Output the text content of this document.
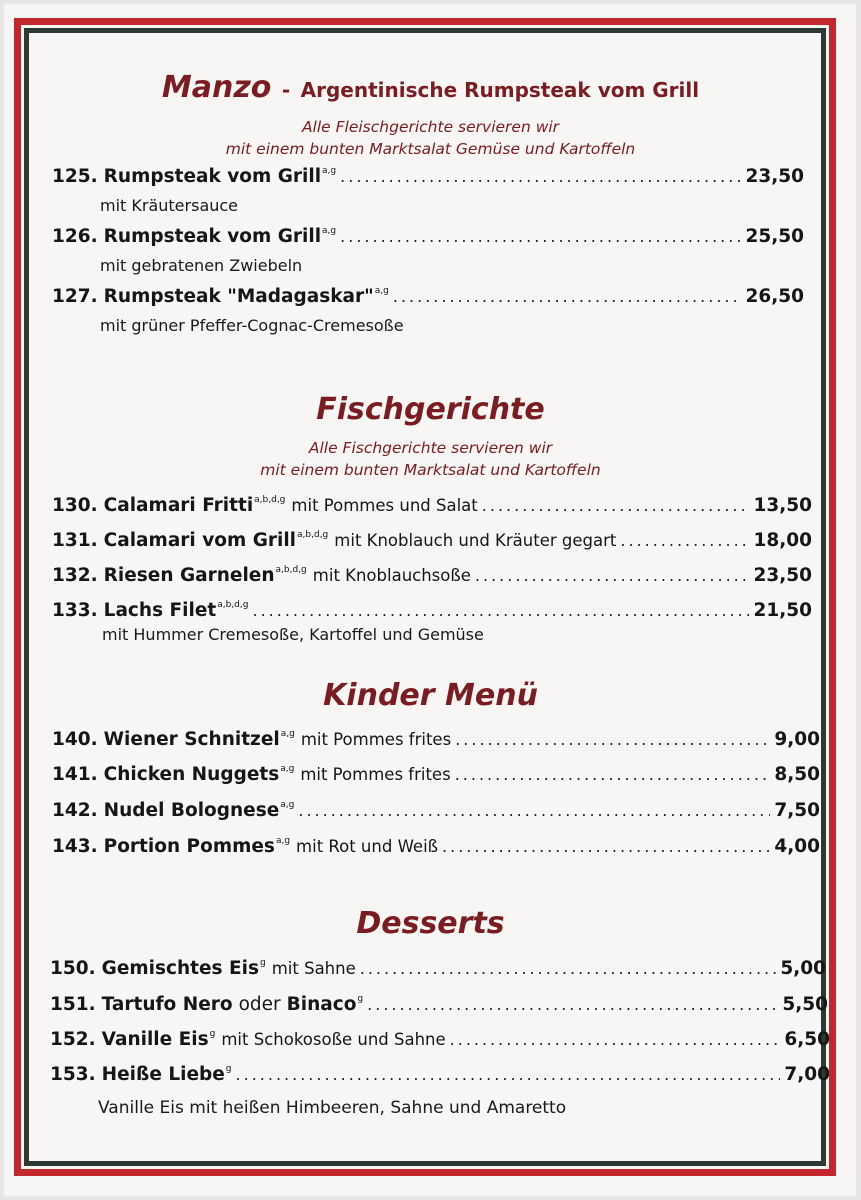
Manzo - Argentinische Rumpsteak vom Grill
Alle Fleischgerichte servieren wir
mit einem bunten Marktsalat Gemüse und Kartoffeln
125. Rumpsteak vom Grill a,g .....	23,50
mit Kräutersauce
126. Rumpsteak vom Grill a,g .....	25,50
mit gebratenen Zwiebeln
127. Rumpsteak "Madagaskar" a,g .....	26,50
mit grüner Pfeffer-Cognac-Cremesoße
Fischgerichte
Alle Fischgerichte servieren wir
mit einem bunten Marktsalat und Kartoffeln
130. Calamari Fritti a,b,d,g mit Pommes und Salat .....	13,50
131. Calamari vom Grill a,b,d,g mit Knoblauch und Kräuter gegart .....	18,00
132. Riesen Garnelen a,b,d,g mit Knoblauchsoße .....	23,50
133. Lachs Filet a,b,d,g .....	21,50
mit Hummer Cremesoße, Kartoffel und Gemüse
Kinder Menü
140. Wiener Schnitzel a,g mit Pommes frites .....	9,00
141. Chicken Nuggets a,g mit Pommes frites .....	8,50
142. Nudel Bolognese a,g .....	7,50
143. Portion Pommes a,g mit Rot und Weiß .....	4,00
Desserts
150. Gemischtes Eis g mit Sahne .....	5,00
151. Tartufo Nero oder Binaco g .....	5,50
152. Vanille Eis g mit Schokosoße und Sahne .....	6,50
153. Heiße Liebe g .....	7,00
Vanille Eis mit heißen Himbeeren, Sahne und Amaretto
